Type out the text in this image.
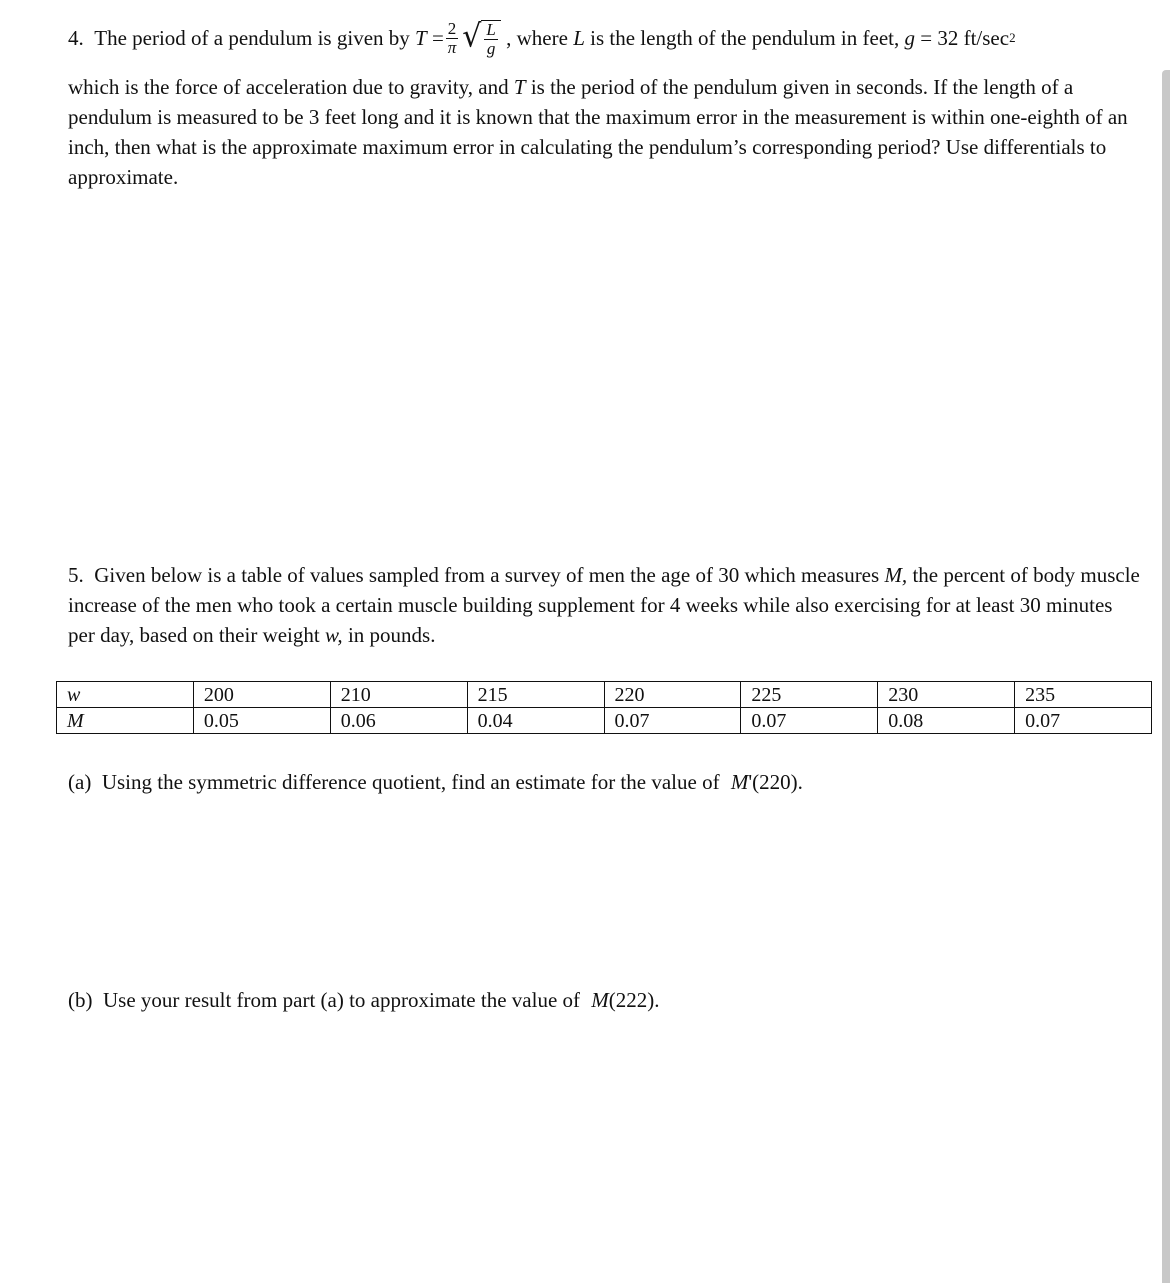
4.
The period of a pendulum is given by
T
= $\frac{2}{\pi}$ √ $\frac{L}{g}$
, where
L
is the length of the pendulum in feet,
g
= 32 ft/sec 2
which is the force of acceleration due to gravity, and T is the period of the pendulum given in seconds. If the length of a pendulum is measured to be 3 feet long and it is known that the maximum error in the measurement is within one-eighth of an inch, then what is the approximate maximum error in calculating the pendulum’s corresponding period? Use differentials to approximate.
5. Given below is a table of values sampled from a survey of men the age of 30 which measures M, the percent of body muscle increase of the men who took a certain muscle building supplement for 4 weeks while also exercising for at least 30 minutes per day, based on their weight w, in pounds.
w	200	210	215	220	225	230	235
M	0.05	0.06	0.04	0.07	0.07	0.08	0.07
(a) Using the symmetric difference quotient, find an estimate for the value of M'(220).
(b) Use your result from part (a) to approximate the value of M(222).
